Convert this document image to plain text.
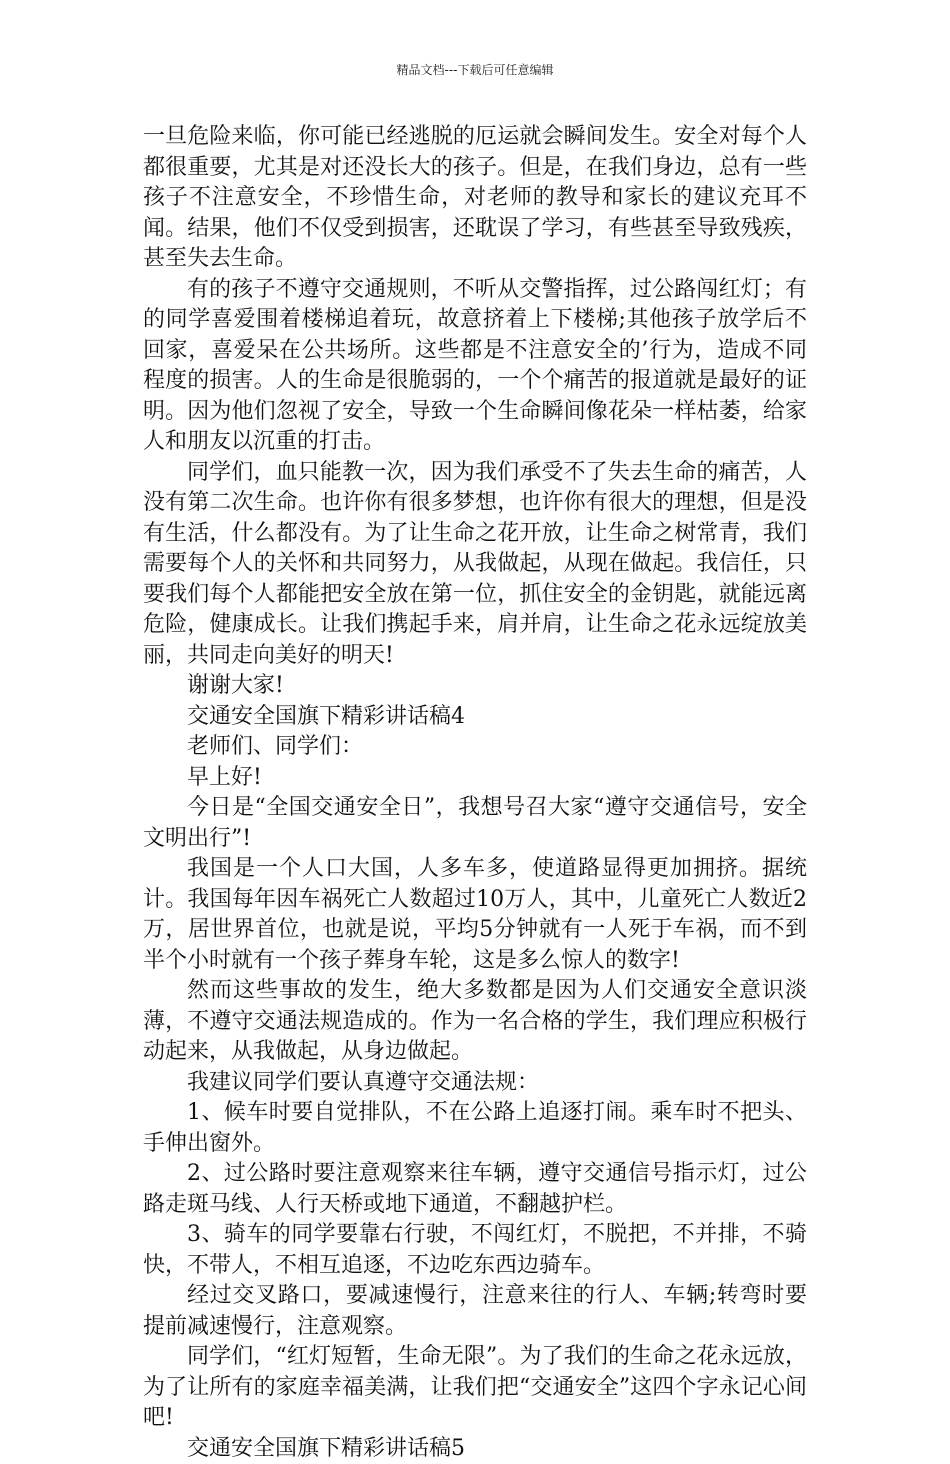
精品文档---下载后可任意编辑

一旦危险来临，你可能已经逃脱的厄运就会瞬间发生。安全对每个人都很重要，尤其是对还没长大的孩子。但是，在我们身边，总有一些孩子不注意安全，不珍惜生命，对老师的教导和家长的建议充耳不闻。结果，他们不仅受到损害，还耽误了学习，有些甚至导致残疾，甚至失去生命。

有的孩子不遵守交通规则，不听从交警指挥，过公路闯红灯；有的同学喜爱围着楼梯追着玩，故意挤着上下楼梯;其他孩子放学后不回家，喜爱呆在公共场所。这些都是不注意安全的’行为，造成不同程度的损害。人的生命是很脆弱的，一个个痛苦的报道就是最好的证明。因为他们忽视了安全，导致一个生命瞬间像花朵一样枯萎，给家人和朋友以沉重的打击。

同学们，血只能教一次，因为我们承受不了失去生命的痛苦，人没有第二次生命。也许你有很多梦想，也许你有很大的理想，但是没有生活，什么都没有。为了让生命之花开放，让生命之树常青，我们需要每个人的关怀和共同努力，从我做起，从现在做起。我信任，只要我们每个人都能把安全放在第一位，抓住安全的金钥匙，就能远离危险，健康成长。让我们携起手来，肩并肩，让生命之花永远绽放美丽，共同走向美好的明天!

谢谢大家!

交通安全国旗下精彩讲话稿4

老师们、同学们：

早上好!

今日是“全国交通安全日”，我想号召大家“遵守交通信号，安全文明出行”!

我国是一个人口大国，人多车多，使道路显得更加拥挤。据统计。我国每年因车祸死亡人数超过10万人，其中，儿童死亡人数近2万，居世界首位，也就是说，平均5分钟就有一人死于车祸，而不到半个小时就有一个孩子葬身车轮，这是多么惊人的数字!

然而这些事故的发生，绝大多数都是因为人们交通安全意识淡薄，不遵守交通法规造成的。作为一名合格的学生，我们理应积极行动起来，从我做起，从身边做起。

我建议同学们要认真遵守交通法规：

1、候车时要自觉排队，不在公路上追逐打闹。乘车时不把头、手伸出窗外。

2、过公路时要注意观察来往车辆，遵守交通信号指示灯，过公路走斑马线、人行天桥或地下通道，不翻越护栏。

3、骑车的同学要靠右行驶，不闯红灯，不脱把，不并排，不骑快，不带人，不相互追逐，不边吃东西边骑车。

经过交叉路口，要减速慢行，注意来往的行人、车辆;转弯时要提前减速慢行，注意观察。

同学们，“红灯短暂，生命无限”。为了我们的生命之花永远放，为了让所有的家庭幸福美满，让我们把“交通安全”这四个字永记心间吧!

交通安全国旗下精彩讲话稿5
